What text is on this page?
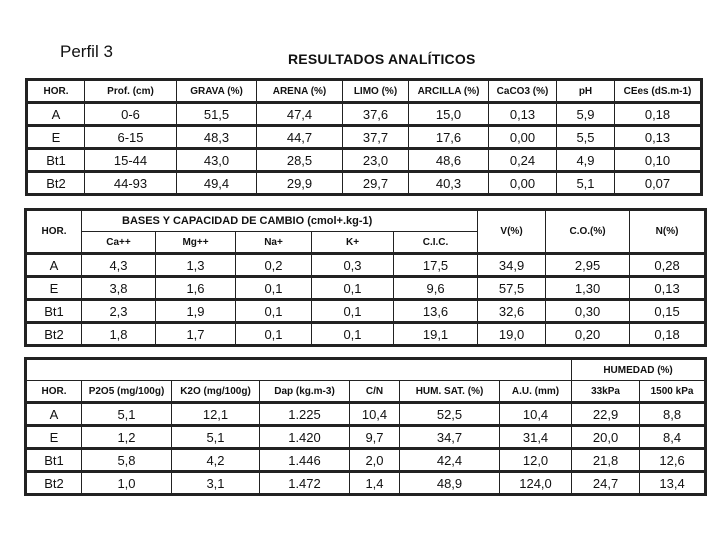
Perfil 3	RESULTADOS ANALÍTICOS
HOR.	Prof. (cm)	GRAVA (%)	ARENA (%)	LIMO (%)	ARCILLA (%)	CaCO3 (%)	pH	CEes (dS.m-1)
A	0-6	51,5	47,4	37,6	15,0	0,13	5,9	0,18
E	6-15	48,3	44,7	37,7	17,6	0,00	5,5	0,13
Bt1	15-44	43,0	28,5	23,0	48,6	0,24	4,9	0,10
Bt2	44-93	49,4	29,9	29,7	40,3	0,00	5,1	0,07
HOR.	BASES Y CAPACIDAD DE CAMBIO (cmol+.kg-1)					V(%)	C.O.(%)	N(%)
	Ca++	Mg++	Na+	K+	C.I.C.			
A	4,3	1,3	0,2	0,3	17,5	34,9	2,95	0,28
E	3,8	1,6	0,1	0,1	9,6	57,5	1,30	0,13
Bt1	2,3	1,9	0,1	0,1	13,6	32,6	0,30	0,15
Bt2	1,8	1,7	0,1	0,1	19,1	19,0	0,20	0,18
							HUMEDAD (%)	
HOR.	P2O5 (mg/100g)	K2O (mg/100g)	Dap (kg.m-3)	C/N	HUM. SAT. (%)	A.U. (mm)	33kPa	1500 kPa
A	5,1	12,1	1.225	10,4	52,5	10,4	22,9	8,8
E	1,2	5,1	1.420	9,7	34,7	31,4	20,0	8,4
Bt1	5,8	4,2	1.446	2,0	42,4	12,0	21,8	12,6
Bt2	1,0	3,1	1.472	1,4	48,9	124,0	24,7	13,4
